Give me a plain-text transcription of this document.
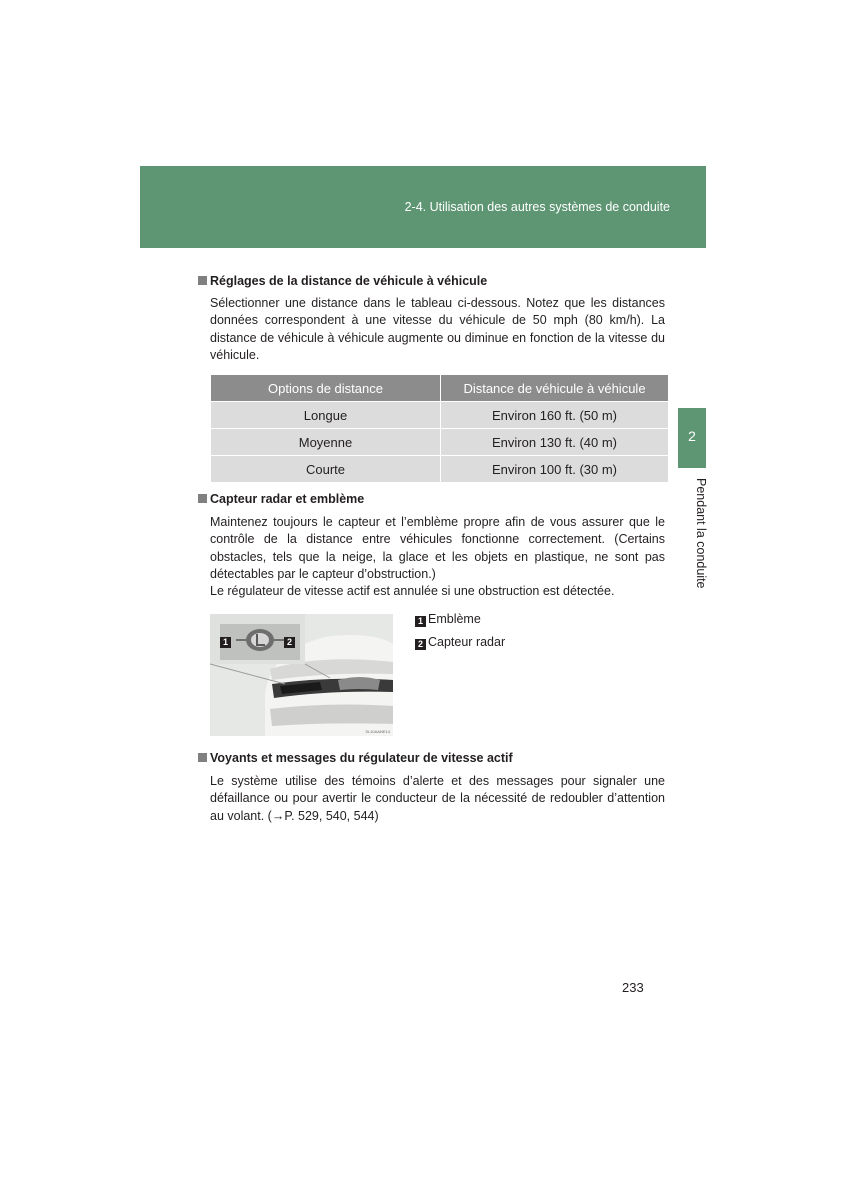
2-4. Utilisation des autres systèmes de conduite
2
Pendant la conduite
Réglages de la distance de véhicule à véhicule
Sélectionner une distance dans le tableau ci-dessous. Notez que les distances
données correspondent à une vitesse du véhicule de 50 mph (80 km/h). La
distance de véhicule à véhicule augmente ou diminue en fonction de la vitesse du
véhicule.
Options de distance	Distance de véhicule à véhicule
Longue	Environ 160 ft. (50 m)
Moyenne	Environ 130 ft. (40 m)
Courte	Environ 100 ft. (30 m)
Capteur radar et emblème
Maintenez toujours le capteur et l’emblème propre afin de vous assurer que le
contrôle de la distance entre véhicules fonctionne correctement. (Certains
obstacles, tels que la neige, la glace et les objets en plastique, ne sont pas
détectables par le capteur d’obstruction.)
Le régulateur de vitesse actif est annulée si une obstruction est détectée.
1	2
SL10AANE14
1 Emblème
2 Capteur radar
Voyants et messages du régulateur de vitesse actif
Le système utilise des témoins d’alerte et des messages pour signaler une
défaillance ou pour avertir le conducteur de la nécessité de redoubler d’attention
au volant. (→P. 529, 540, 544)
233
